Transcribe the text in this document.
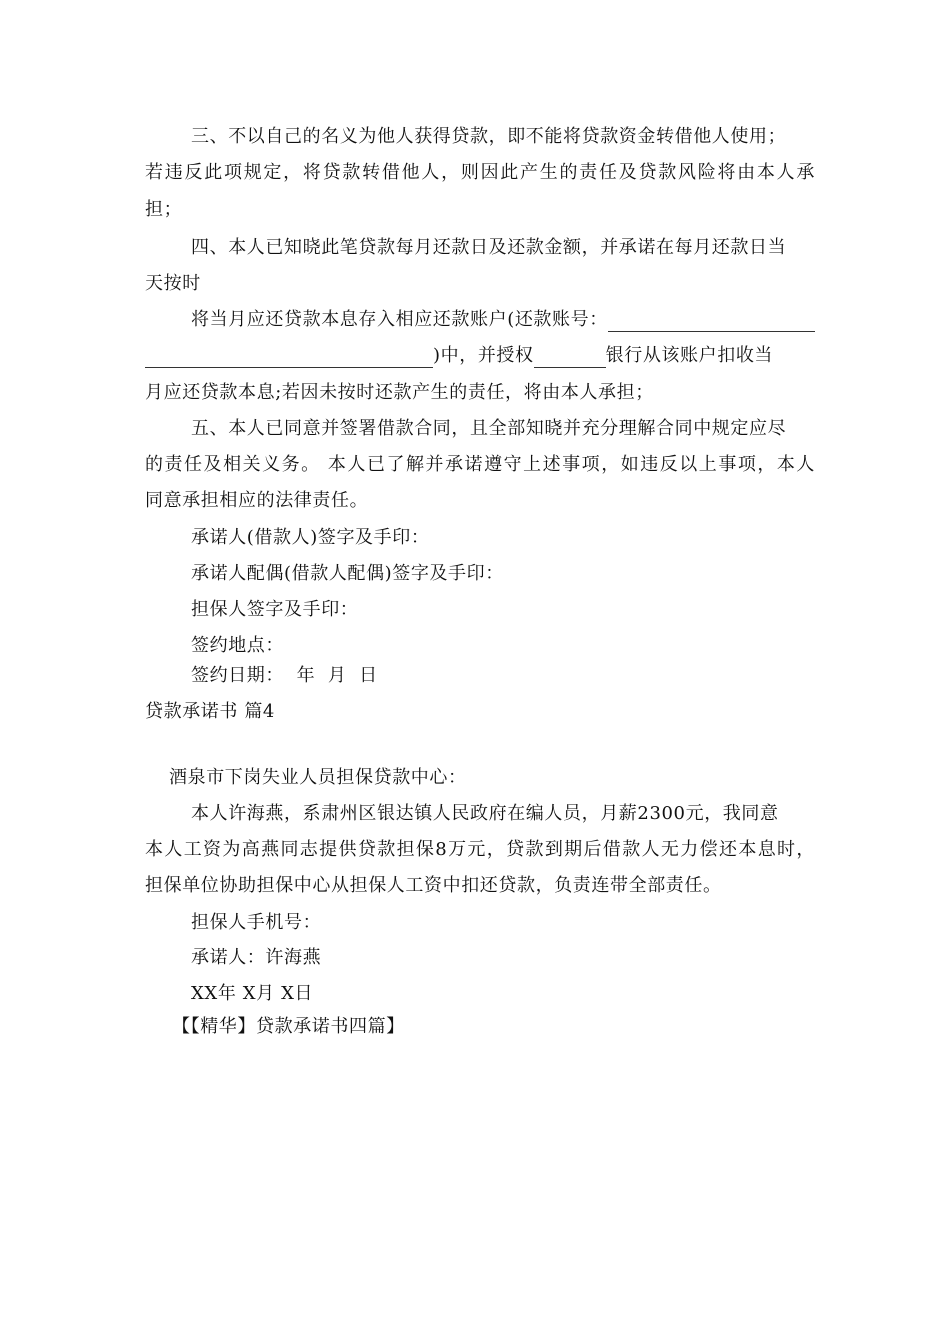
三、不以自己的名义为他人获得贷款，即不能将贷款资金转借他人使用；
若违反此项规定，将贷款转借他人，则因此产生的责任及贷款风险将由本人承
担；
四、本人已知晓此笔贷款每月还款日及还款金额，并承诺在每月还款日当
天按时
将当月应还贷款本息存入相应还款账户(还款账号：
)中，并授权	银行从该账户扣收当
月应还贷款本息;若因未按时还款产生的责任，将由本人承担；
五、本人已同意并签署借款合同，且全部知晓并充分理解合同中规定应尽
的责任及相关义务。 本人已了解并承诺遵守上述事项，如违反以上事项，本人
同意承担相应的法律责任。
承诺人(借款人)签字及手印：
承诺人配偶(借款人配偶)签字及手印：
担保人签字及手印：
签约地点：
签约日期：  年  月  日
贷款承诺书 篇4
酒泉市下岗失业人员担保贷款中心：
本人许海燕，系肃州区银达镇人民政府在编人员，月薪2300元，我同意
本人工资为高燕同志提供贷款担保8万元，贷款到期后借款人无力偿还本息时，
担保单位协助担保中心从担保人工资中扣还贷款，负责连带全部责任。
担保人手机号：
承诺人：许海燕
XX年 X月 X日
【【精华】贷款承诺书四篇】
